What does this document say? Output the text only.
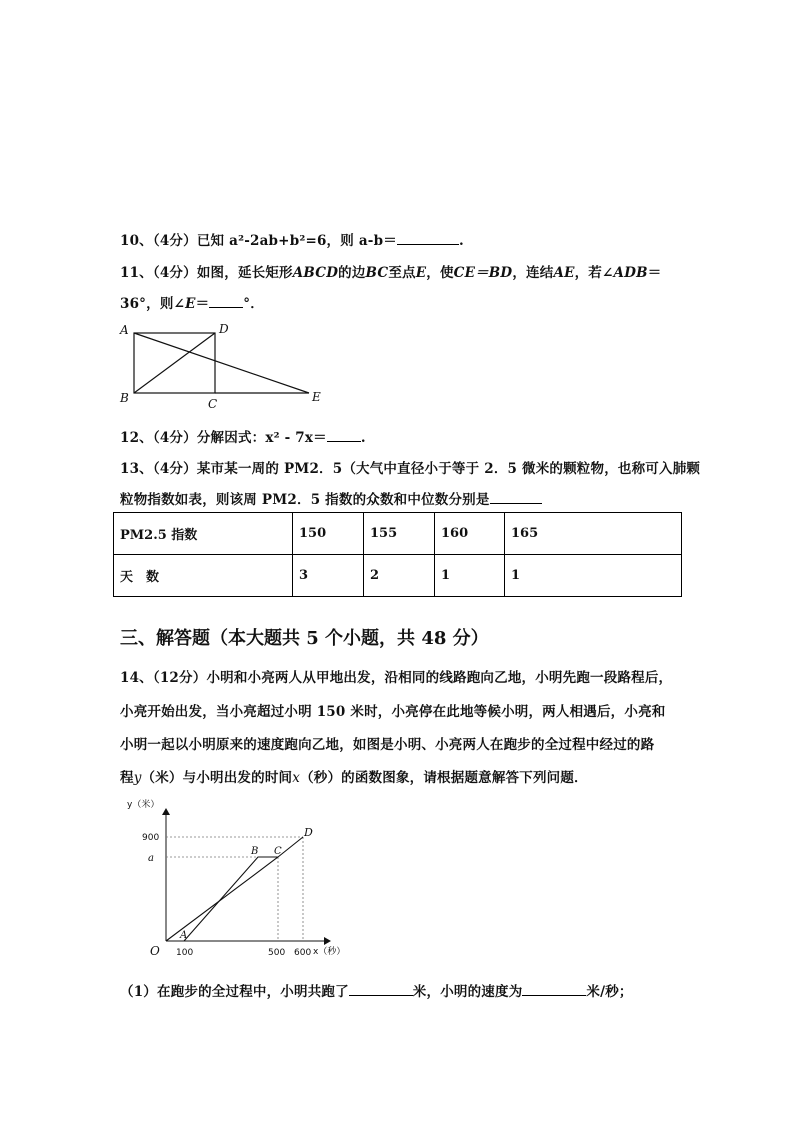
10、（4分）已知 a²-2ab+b²=6，则 a-b＝	.
11、（4分）如图，延长矩形ABCD的边BC至点E，使CE＝BD，连结AE，若∠ADB＝
36°，则∠E＝	°．
A	D
B	C	E
12、（4分）分解因式：x² - 7x＝	.
13、（4分）某市某一周的 PM2．5（大气中直径小于等于 2．5 微米的颗粒物，也称可入肺颗
粒物指数如表，则该周 PM2．5 指数的众数和中位数分别是
PM2.5 指数	150	155	160	165
天　数	3	2	1	1
三、解答题（本大题共 5 个小题，共 48 分）
14、（12分）小明和小亮两人从甲地出发，沿相同的线路跑向乙地，小明先跑一段路程后，
小亮开始出发，当小亮超过小明 150 米时，小亮停在此地等候小明，两人相遇后，小亮和
小明一起以小明原来的速度跑向乙地，如图是小明、小亮两人在跑步的全过程中经过的路
程y（米）与小明出发的时间x（秒）的函数图象，请根据题意解答下列问题．
y（米）
x（秒）
900
a
100	500 600
O
A
B C
D
（1）在跑步的全过程中，小明共跑了	米，小明的速度为	米/秒；
